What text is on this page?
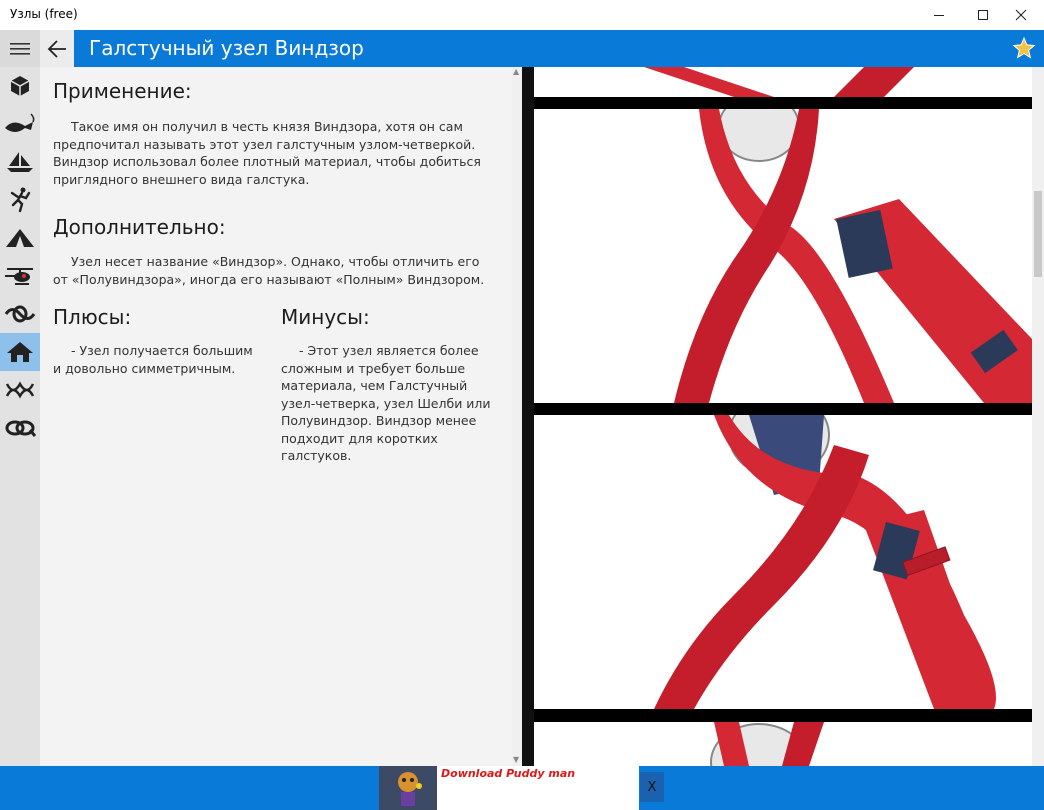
Узлы (free)
Галстучный узел Виндзор
Применение:
Такое имя он получил в честь князя Виндзора, хотя он сам предпочитал называть этот узел галстучным узлом-четверкой. Виндзор использовал более плотный материал, чтобы добиться приглядного внешнего вида галстука.
Дополнительно:
Узел несет название «Виндзор». Однако, чтобы отличить его от «Полувиндзора», иногда его называют «Полным» Виндзором.
Плюсы:
- Узел получается большим и довольно симметричным.
Минусы:
- Этот узел является более сложным и требует больше материала, чем Галстучный узел-четверка, узел Шелби или Полувиндзор. Виндзор менее подходит для коротких галстуков.
▲
▼
Download Puddy man
X
